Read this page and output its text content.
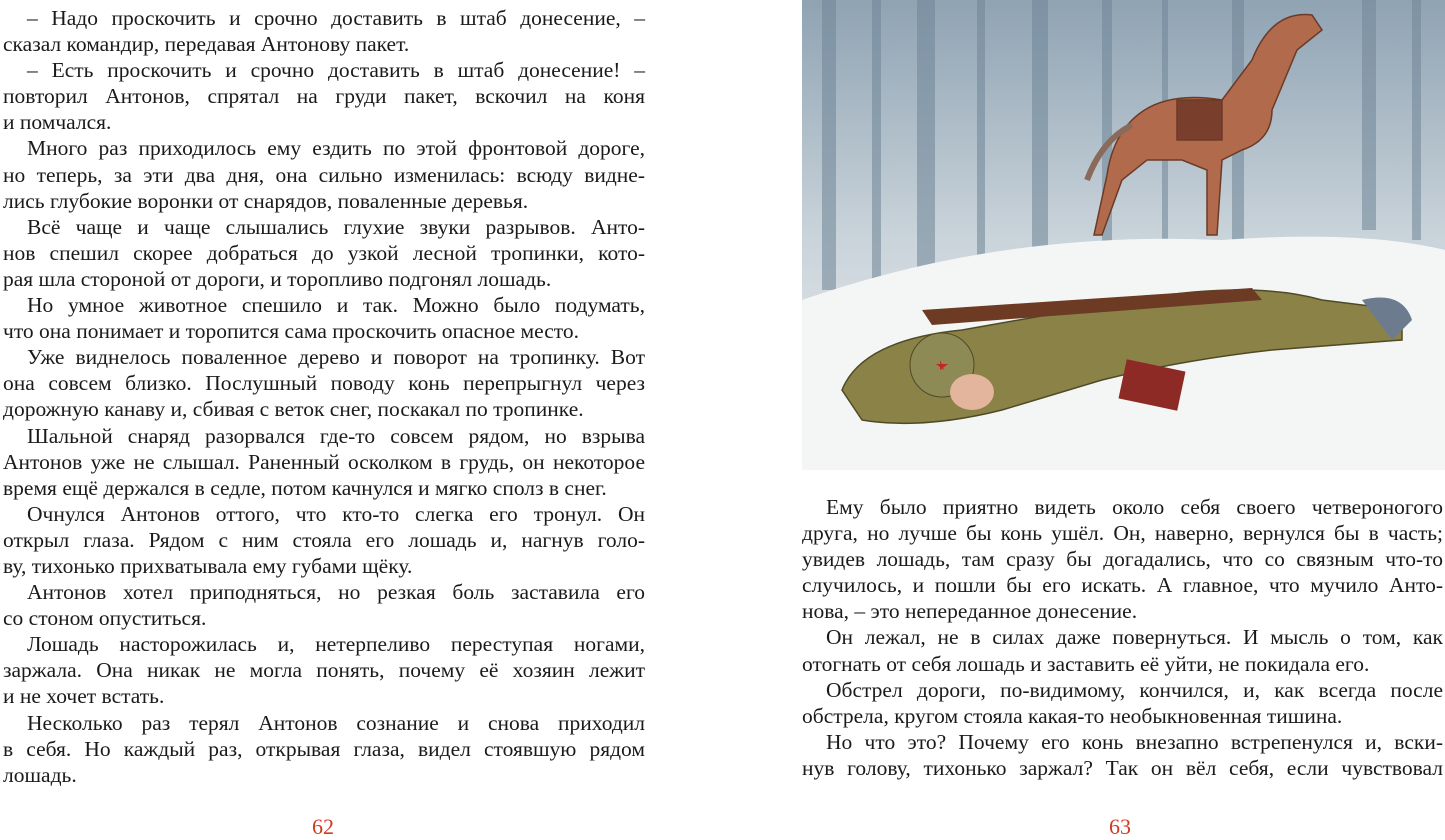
– Надо проскочить и срочно доставить в штаб донесение, –
сказал командир, передавая Антонову пакет.
– Есть проскочить и срочно доставить в штаб донесение! –
повторил Антонов, спрятал на груди пакет, вскочил на коня
и помчался.
Много раз приходилось ему ездить по этой фронтовой дороге,
но теперь, за эти два дня, она сильно изменилась: всюду видне-
лись глубокие воронки от снарядов, поваленные деревья.
Всё чаще и чаще слышались глухие звуки разрывов. Анто-
нов спешил скорее добраться до узкой лесной тропинки, кото-
рая шла стороной от дороги, и торопливо подгонял лошадь.
Но умное животное спешило и так. Можно было подумать,
что она понимает и торопится сама проскочить опасное место.
Уже виднелось поваленное дерево и поворот на тропинку. Вот
она совсем близко. Послушный поводу конь перепрыгнул через
дорожную канаву и, сбивая с веток снег, поскакал по тропинке.
Шальной снаряд разорвался где-то совсем рядом, но взрыва
Антонов уже не слышал. Раненный осколком в грудь, он некоторое
время ещё держался в седле, потом качнулся и мягко сполз в снег.
Очнулся Антонов оттого, что кто-то слегка его тронул. Он
открыл глаза. Рядом с ним стояла его лошадь и, нагнув голо-
ву, тихонько прихватывала ему губами щёку.
Антонов хотел приподняться, но резкая боль заставила его
со стоном опуститься.
Лошадь насторожилась и, нетерпеливо переступая ногами,
заржала. Она никак не могла понять, почему её хозяин лежит
и не хочет встать.
Несколько раз терял Антонов сознание и снова приходил
в себя. Но каждый раз, открывая глаза, видел стоявшую рядом
лошадь.
Ему было приятно видеть около себя своего четвероногого
друга, но лучше бы конь ушёл. Он, наверно, вернулся бы в часть;
увидев лошадь, там сразу бы догадались, что со связным что-то
случилось, и пошли бы его искать. А главное, что мучило Анто-
нова, – это непереданное донесение.
Он лежал, не в силах даже повернуться. И мысль о том, как
отогнать от себя лошадь и заставить её уйти, не покидала его.
Обстрел дороги, по-видимому, кончился, и, как всегда после
обстрела, кругом стояла какая-то необыкновенная тишина.
Но что это? Почему его конь внезапно встрепенулся и, вски-
нув голову, тихонько заржал? Так он вёл себя, если чувствовал
62	63
